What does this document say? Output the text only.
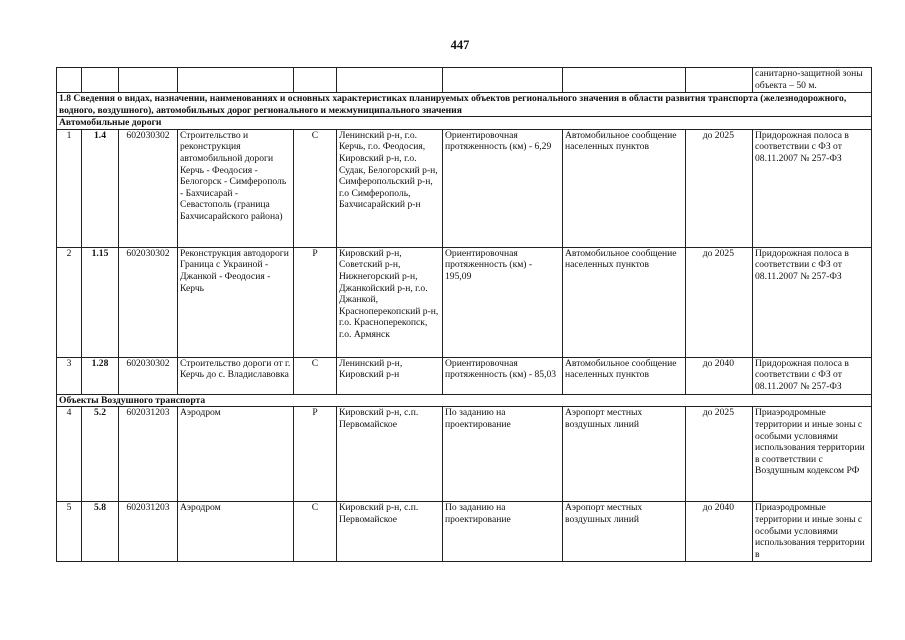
447
									санитарно-защитной зоны объекта – 50 м.
1.8 Сведения о видах, назначении, наименованиях и основных характеристиках планируемых объектов регионального значения в области развития транспорта (железнодорожного, водного, воздушного), автомобильных дорог регионального и межмуниципального значения									
Автомобильные дороги									
1	1.4	602030302	Строительство и реконструкция автомобильной дороги Керчь - Феодосия - Белогорск - Симферополь - Бахчисарай - Севастополь (граница Бахчисарайского района)	С	Ленинский р-н, г.о. Керчь, г.о. Феодосия, Кировский р-н, г.о. Судак, Белогорский р-н, Симферопольский р-н, г.о Симферополь, Бахчисарайский р-н	Ориентировочная протяженность (км) - 6,29	Автомобильное сообщение населенных пунктов	до 2025	Придорожная полоса в соответствии с ФЗ от 08.11.2007 № 257-ФЗ
2	1.15	602030302	Реконструкция автодороги Граница с Украиной - Джанкой - Феодосия - Керчь	Р	Кировский р-н, Советский р-н, Нижнегорский р-н, Джанкойский р-н, г.о. Джанкой, Красноперекопский р-н, г.о. Красноперекопск, г.о. Армянск	Ориентировочная протяженность (км) - 195,09	Автомобильное сообщение населенных пунктов	до 2025	Придорожная полоса в соответствии с ФЗ от 08.11.2007 № 257-ФЗ
3	1.28	602030302	Строительство дороги от г. Керчь до с. Владиславовка	С	Ленинский р-н, Кировский р-н	Ориентировочная протяженность (км) - 85,03	Автомобильное сообщение населенных пунктов	до 2040	Придорожная полоса в соответствии с ФЗ от 08.11.2007 № 257-ФЗ
Объекты Воздушного транспорта									
4	5.2	602031203	Аэродром	Р	Кировский р-н, с.п. Первомайское	По заданию на проектирование	Аэропорт местных воздушных линий	до 2025	Приаэродромные территории и иные зоны с особыми условиями использования территории в соответствии с Воздушным кодексом РФ
5	5.8	602031203	Аэродром	С	Кировский р-н, с.п. Первомайское	По заданию на проектирование	Аэропорт местных воздушных линий	до 2040	Приаэродромные территории и иные зоны с особыми условиями использования территории в
